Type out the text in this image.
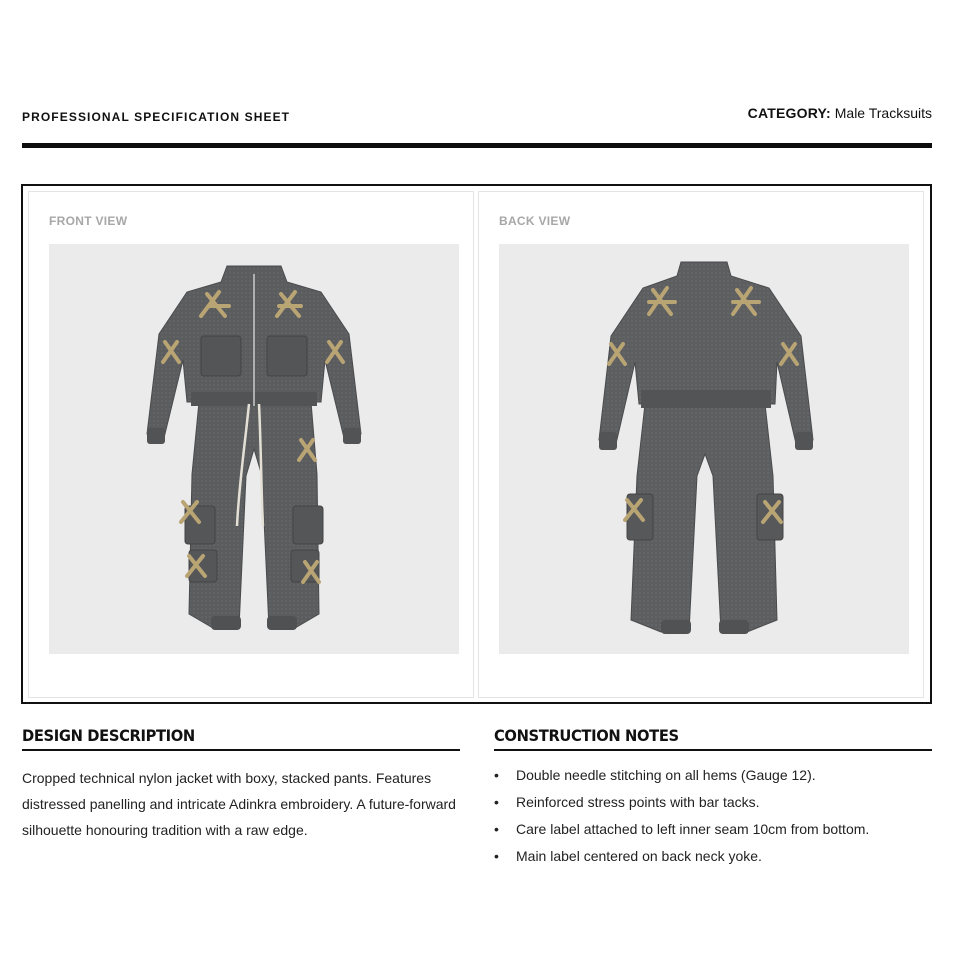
PROFESSIONAL SPECIFICATION SHEET	CATEGORY: Male Tracksuits
FRONT VIEW	BACK VIEW
DESIGN DESCRIPTION

Cropped technical nylon jacket with boxy, stacked pants. Features distressed panelling and intricate Adinkra embroidery. A future-forward silhouette honouring tradition with a raw edge.

CONSTRUCTION NOTES
• Double needle stitching on all hems (Gauge 12).
• Reinforced stress points with bar tacks.
• Care label attached to left inner seam 10cm from bottom.
• Main label centered on back neck yoke.
